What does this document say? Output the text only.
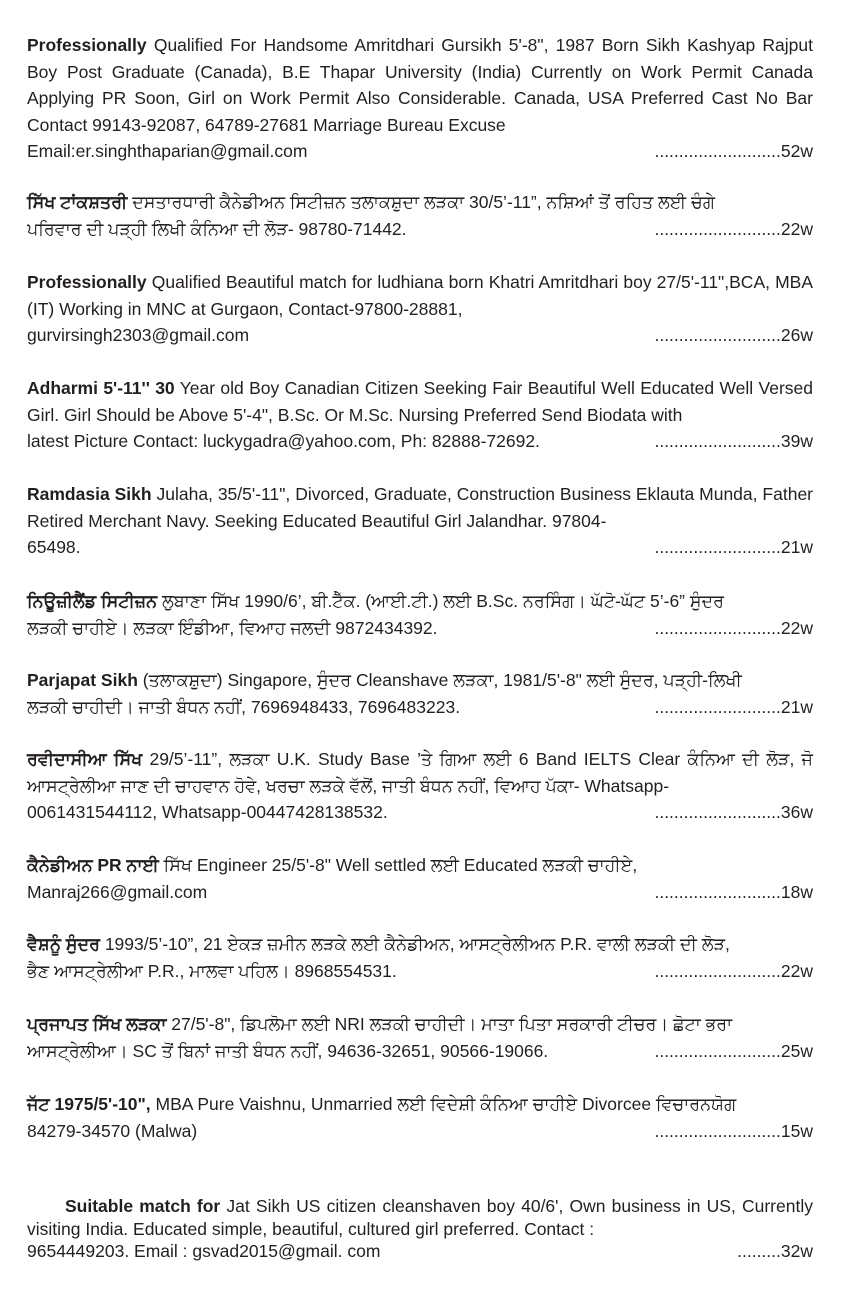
Professionally Qualified For Handsome Amritdhari Gursikh 5'-8", 1987 Born Sikh Kashyap Rajput Boy Post Graduate (Canada), B.E Thapar University (India) Currently on Work Permit Canada Applying PR Soon, Girl on Work Permit Also Considerable. Canada, USA Preferred Cast No Bar Contact 99143-92087, 64789-27681 Marriage Bureau Excuse
Email:er.singhthaparian@gmail.com	..........................52w
ਸਿੱਖ ਟਾਂਕਸ਼ਤਰੀ ਦਸਤਾਰਧਾਰੀ ਕੈਨੇਡੀਅਨ ਸਿਟੀਜ਼ਨ ਤਲਾਕਸ਼ੁਦਾ ਲੜਕਾ 30/5’-11”, ਨਸ਼ਿਆਂ ਤੋਂ ਰਹਿਤ ਲਈ ਚੰਗੇ
ਪਰਿਵਾਰ ਦੀ ਪੜ੍ਹੀ ਲਿਖੀ ਕੰਨਿਆ ਦੀ ਲੋੜ- 98780-71442.	..........................22w
Professionally Qualified Beautiful match for ludhiana born Khatri Amritdhari boy 27/5'-11",BCA, MBA (IT) Working in MNC at Gurgaon, Contact-97800-28881,
gurvirsingh2303@gmail.com	..........................26w
Adharmi 5'-11'' 30 Year old Boy Canadian Citizen Seeking Fair Beautiful Well Educated Well Versed Girl. Girl Should be Above 5'-4", B.Sc. Or M.Sc. Nursing Preferred Send Biodata with
latest Picture Contact: luckygadra@yahoo.com, Ph: 82888-72692.	..........................39w
Ramdasia Sikh Julaha, 35/5'-11", Divorced, Graduate, Construction Business Eklauta Munda, Father Retired Merchant Navy. Seeking Educated Beautiful Girl Jalandhar. 97804-
65498.	..........................21w
ਨਿਊਜ਼ੀਲੈਂਡ ਸਿਟੀਜ਼ਨ ਲੁਬਾਣਾ ਸਿੱਖ 1990/6’, ਬੀ.ਟੈੱਕ. (ਆਈ.ਟੀ.) ਲਈ B.Sc. ਨਰਸਿੰਗ। ਘੱਟੋ-ਘੱਟ 5’-6” ਸੁੰਦਰ
ਲੜਕੀ ਚਾਹੀਏ। ਲੜਕਾ ਇੰਡੀਆ, ਵਿਆਹ ਜਲਦੀ 9872434392.	..........................22w
Parjapat Sikh (ਤਲਾਕਸ਼ੁਦਾ) Singapore, ਸੁੰਦਰ Cleanshave ਲੜਕਾ, 1981/5'-8" ਲਈ ਸੁੰਦਰ, ਪੜ੍ਹੀ-ਲਿਖੀ
ਲੜਕੀ ਚਾਹੀਦੀ। ਜਾਤੀ ਬੰਧਨ ਨਹੀਂ, 7696948433, 7696483223.	..........................21w
ਰਵੀਦਾਸੀਆ ਸਿੱਖ 29/5’-11”, ਲੜਕਾ U.K. Study Base ’ਤੇ ਗਿਆ ਲਈ 6 Band IELTS Clear ਕੰਨਿਆ ਦੀ ਲੋੜ, ਜੋ ਆਸਟ੍ਰੇਲੀਆ ਜਾਣ ਦੀ ਚਾਹਵਾਨ ਹੋਵੇ, ਖਰਚਾ ਲੜਕੇ ਵੱਲੋਂ, ਜਾਤੀ ਬੰਧਨ ਨਹੀਂ, ਵਿਆਹ ਪੱਕਾ- Whatsapp-
0061431544112, Whatsapp-00447428138532.	..........................36w
ਕੈਨੇਡੀਅਨ PR ਨਾਈ ਸਿੱਖ Engineer 25/5'-8" Well settled ਲਈ Educated ਲੜਕੀ ਚਾਹੀਏ,
Manraj266@gmail.com	..........................18w
ਵੈਸ਼ਨੂੰ ਸੁੰਦਰ 1993/5’-10”, 21 ਏਕੜ ਜ਼ਮੀਨ ਲੜਕੇ ਲਈ ਕੈਨੇਡੀਅਨ, ਆਸਟ੍ਰੇਲੀਅਨ P.R. ਵਾਲੀ ਲੜਕੀ ਦੀ ਲੋੜ,
ਭੈਣ ਆਸਟ੍ਰੇਲੀਆ P.R., ਮਾਲਵਾ ਪਹਿਲ। 8968554531.	..........................22w
ਪ੍ਰਜਾਪਤ ਸਿੱਖ ਲੜਕਾ 27/5'-8", ਡਿਪਲੋਮਾ ਲਈ NRI ਲੜਕੀ ਚਾਹੀਦੀ। ਮਾਤਾ ਪਿਤਾ ਸਰਕਾਰੀ ਟੀਚਰ। ਛੋਟਾ ਭਰਾ
ਆਸਟ੍ਰੇਲੀਆ। SC ਤੋਂ ਬਿਨਾਂ ਜਾਤੀ ਬੰਧਨ ਨਹੀਂ, 94636-32651, 90566-19066.	..........................25w
ਜੱਟ 1975/5'-10", MBA Pure Vaishnu, Unmarried ਲਈ ਵਿਦੇਸ਼ੀ ਕੰਨਿਆ ਚਾਹੀਏ Divorcee ਵਿਚਾਰਨਯੋਗ
84279-34570 (Malwa)	..........................15w
Suitable match for Jat Sikh US citizen cleanshaven boy 40/6', Own business in US, Currently visiting India. Educated simple, beautiful, cultured girl preferred. Contact :
9654449203. Email : gsvad2015@gmail. com	.........32w
